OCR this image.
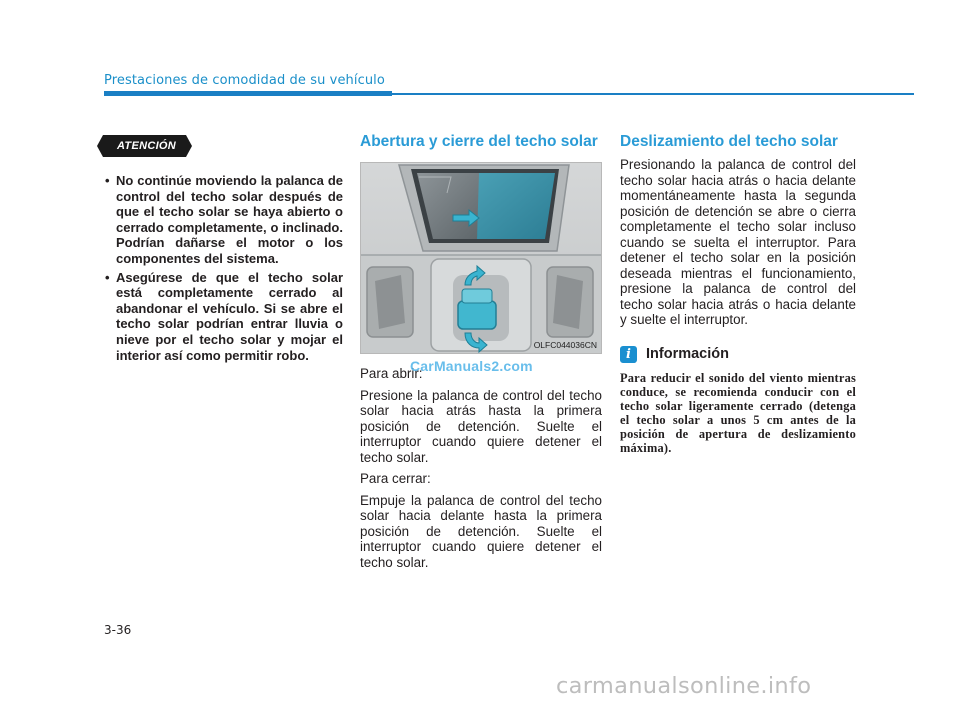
Prestaciones de comodidad de su vehículo
ATENCIÓN
• No continúe moviendo la palanca de control del techo solar después de que el techo solar se haya abierto o cerrado completamente, o inclinado. Podrían dañarse el motor o los componentes del sistema.
• Asegúrese de que el techo solar está completamente cerrado al abandonar el vehículo. Si se abre el techo solar podrían entrar lluvia o nieve por el techo solar y mojar el interior así como permitir robo.
Abertura y cierre del techo solar
OLFC044036CN

Para abrir:

Presione la palanca de control del techo solar hacia atrás hasta la primera posición de detención. Suelte el interruptor cuando quiere detener el techo solar.

Para cerrar:

Empuje la palanca de control del techo solar hacia delante hasta la primera posición de detención. Suelte el interruptor cuando quiere detener el techo solar.

CarManuals2.com
Deslizamiento del techo solar

Presionando la palanca de control del techo solar hacia atrás o hacia delante momentáneamente hasta la segunda posición de detención se abre o cierra completamente el techo solar incluso cuando se suelta el interruptor. Para detener el techo solar en la posición deseada mientras el funcionamiento, presione la palanca de control del techo solar hacia atrás o hacia delante y suelte el interruptor.

i	Información

Para reducir el sonido del viento mientras conduce, se recomienda conducir con el techo solar ligeramente cerrado (detenga el techo solar a unos 5 cm antes de la posición de apertura de deslizamiento máxima).

3-36
carmanualsonline.info
